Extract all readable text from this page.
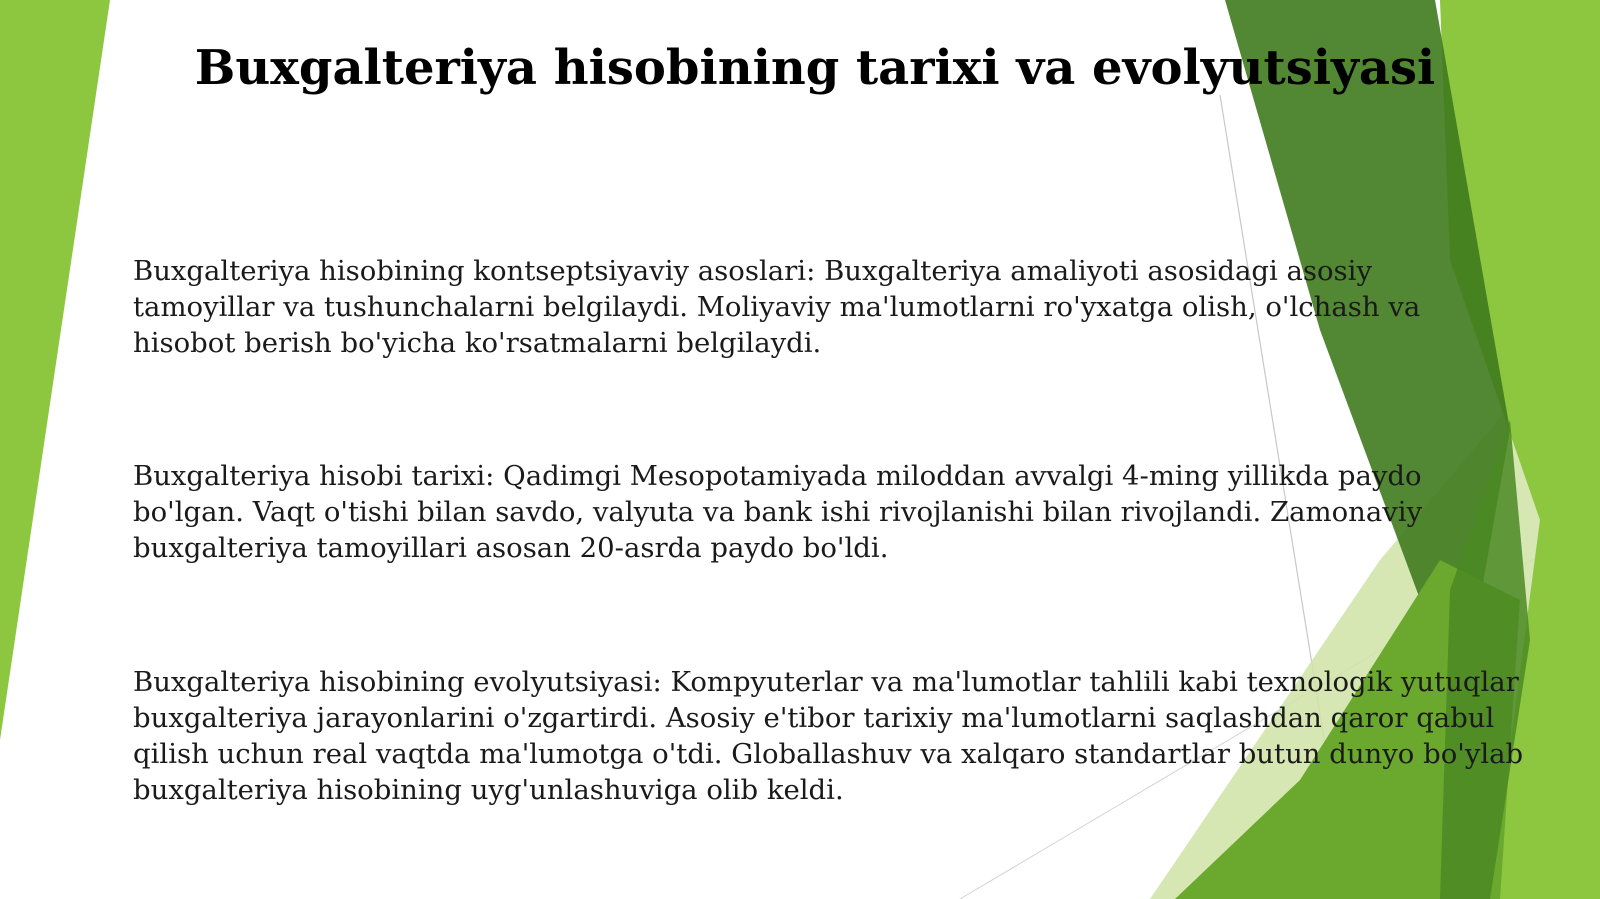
Buxgalteriya hisobining tarixi va evolyutsiyasi

Buxgalteriya hisobining kontseptsiyaviy asoslari: Buxgalteriya amaliyoti asosidagi asosiy tamoyillar va tushunchalarni belgilaydi. Moliyaviy ma'lumotlarni ro'yxatga olish, o'lchash va hisobot berish bo'yicha ko'rsatmalarni belgilaydi.

Buxgalteriya hisobi tarixi: Qadimgi Mesopotamiyada miloddan avvalgi 4-ming yillikda paydo bo'lgan. Vaqt o'tishi bilan savdo, valyuta va bank ishi rivojlanishi bilan rivojlandi. Zamonaviy buxgalteriya tamoyillari asosan 20-asrda paydo bo'ldi.

Buxgalteriya hisobining evolyutsiyasi: Kompyuterlar va ma'lumotlar tahlili kabi texnologik yutuqlar buxgalteriya jarayonlarini o'zgartirdi. Asosiy e'tibor tarixiy ma'lumotlarni saqlashdan qaror qabul qilish uchun real vaqtda ma'lumotga o'tdi. Globallashuv va xalqaro standartlar butun dunyo bo'ylab buxgalteriya hisobining uyg'unlashuviga olib keldi.
